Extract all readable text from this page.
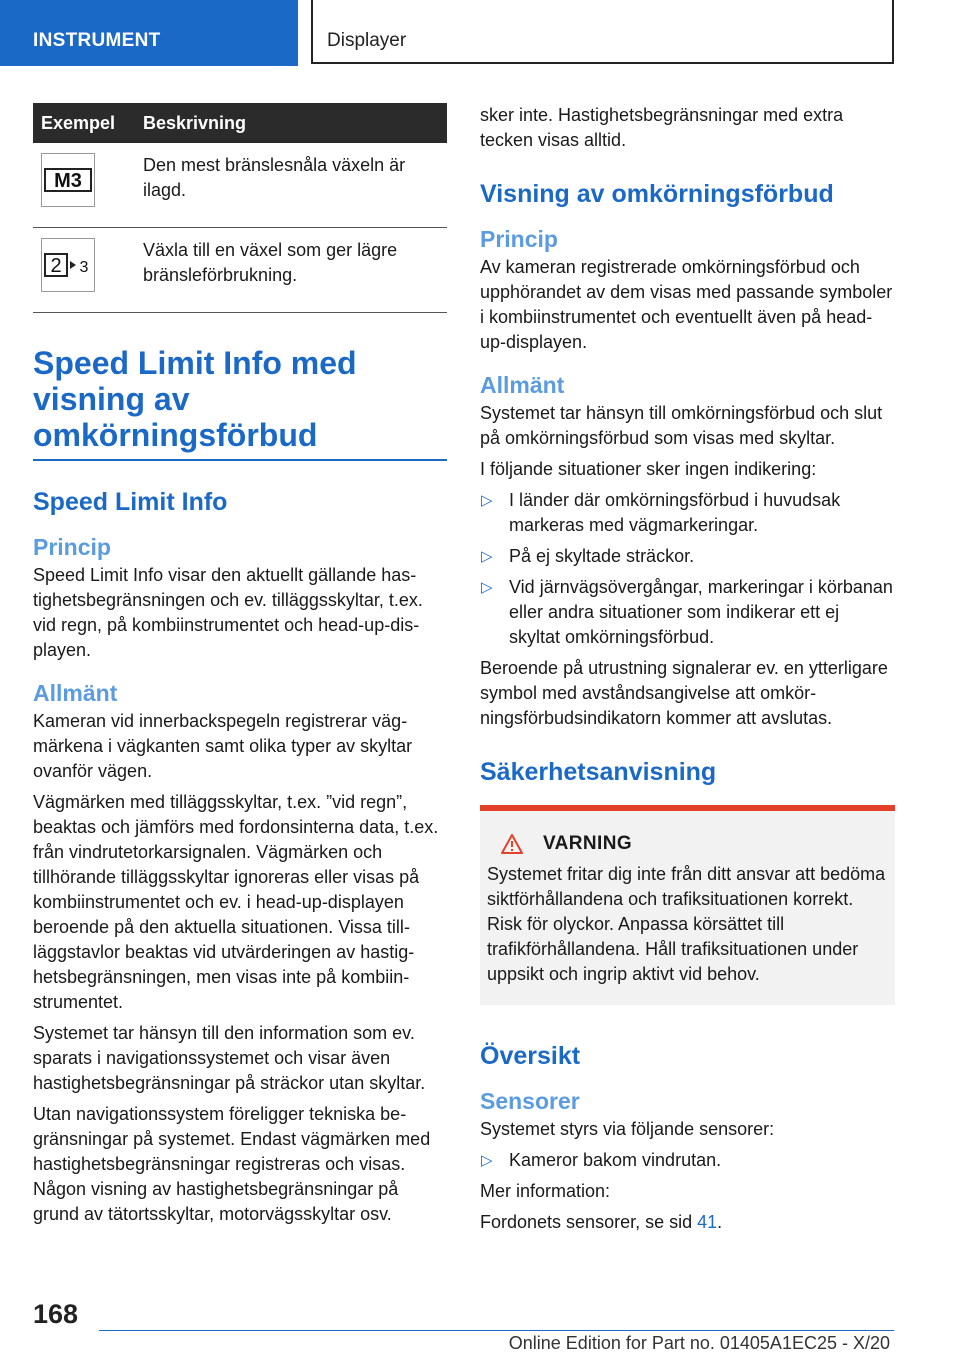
INSTRUMENT	Displayer
Exempel	Beskrivning

M3	Den mest bränslesnåla växeln är ilagd.

2 3	Växla till en växel som ger lägre bränsleförbrukning.
Speed Limit Info med visning av omkörningsförbud
Speed Limit Info
Princip

Speed Limit Info visar den aktuellt gällande hastighetsbegränsningen och ev. tilläggsskyltar, t.ex. vid regn, på kombiinstrumentet och head-up-displayen.

Allmänt

Kameran vid innerbackspegeln registrerar vägmärkena i vägkanten samt olika typer av skyltar ovanför vägen.

Vägmärken med tilläggsskyltar, t.ex. ”vid regn”, beaktas och jämförs med fordonsinterna data, t.ex. från vindrutetorkarsignalen. Vägmärken och tillhörande tilläggsskyltar ignoreras eller visas på kombiinstrumentet och ev. i head-up-displayen beroende på den aktuella situationen. Vissa tillläggstavlor beaktas vid utvärderingen av hastighetsbegränsningen, men visas inte på kombiinstrumentet.

Systemet tar hänsyn till den information som ev. sparats i navigationssystemet och visar även hastighetsbegränsningar på sträckor utan skyltar.

Utan navigationssystem föreligger tekniska begränsningar på systemet. Endast vägmärken med hastighetsbegränsningar registreras och visas. Någon visning av hastighetsbegränsningar på grund av tätortsskyltar, motorvägsskyltar osv.

sker inte. Hastighetsbegränsningar med extra tecken visas alltid.

Visning av omkörningsförbud
Princip

Av kameran registrerade omkörningsförbud och upphörandet av dem visas med passande symboler i kombiinstrumentet och eventuellt även på head-up-displayen.

Allmänt

Systemet tar hänsyn till omkörningsförbud och slut på omkörningsförbud som visas med skyltar.

I följande situationer sker ingen indikering:

▷ I länder där omkörningsförbud i huvudsak markeras med vägmarkeringar.
▷ På ej skyltade sträckor.
▷ Vid järnvägsövergångar, markeringar i körbanan eller andra situationer som indikerar ett ej skyltat omkörningsförbud.

Beroende på utrustning signalerar ev. en ytterligare symbol med avståndsangivelse att omkörningsförbudsindikatorn kommer att avslutas.

Säkerhetsanvisning
VARNING

Systemet fritar dig inte från ditt ansvar att bedöma siktförhållandena och trafiksituationen korrekt. Risk för olyckor. Anpassa körsättet till trafikförhållandena. Håll trafiksituationen under uppsikt och ingrip aktivt vid behov.

Översikt
Sensorer

Systemet styrs via följande sensorer:

▷ Kameror bakom vindrutan.

Mer information:

Fordonets sensorer, se sid 41.

168
Online Edition for Part no. 01405A1EC25 - X/20
